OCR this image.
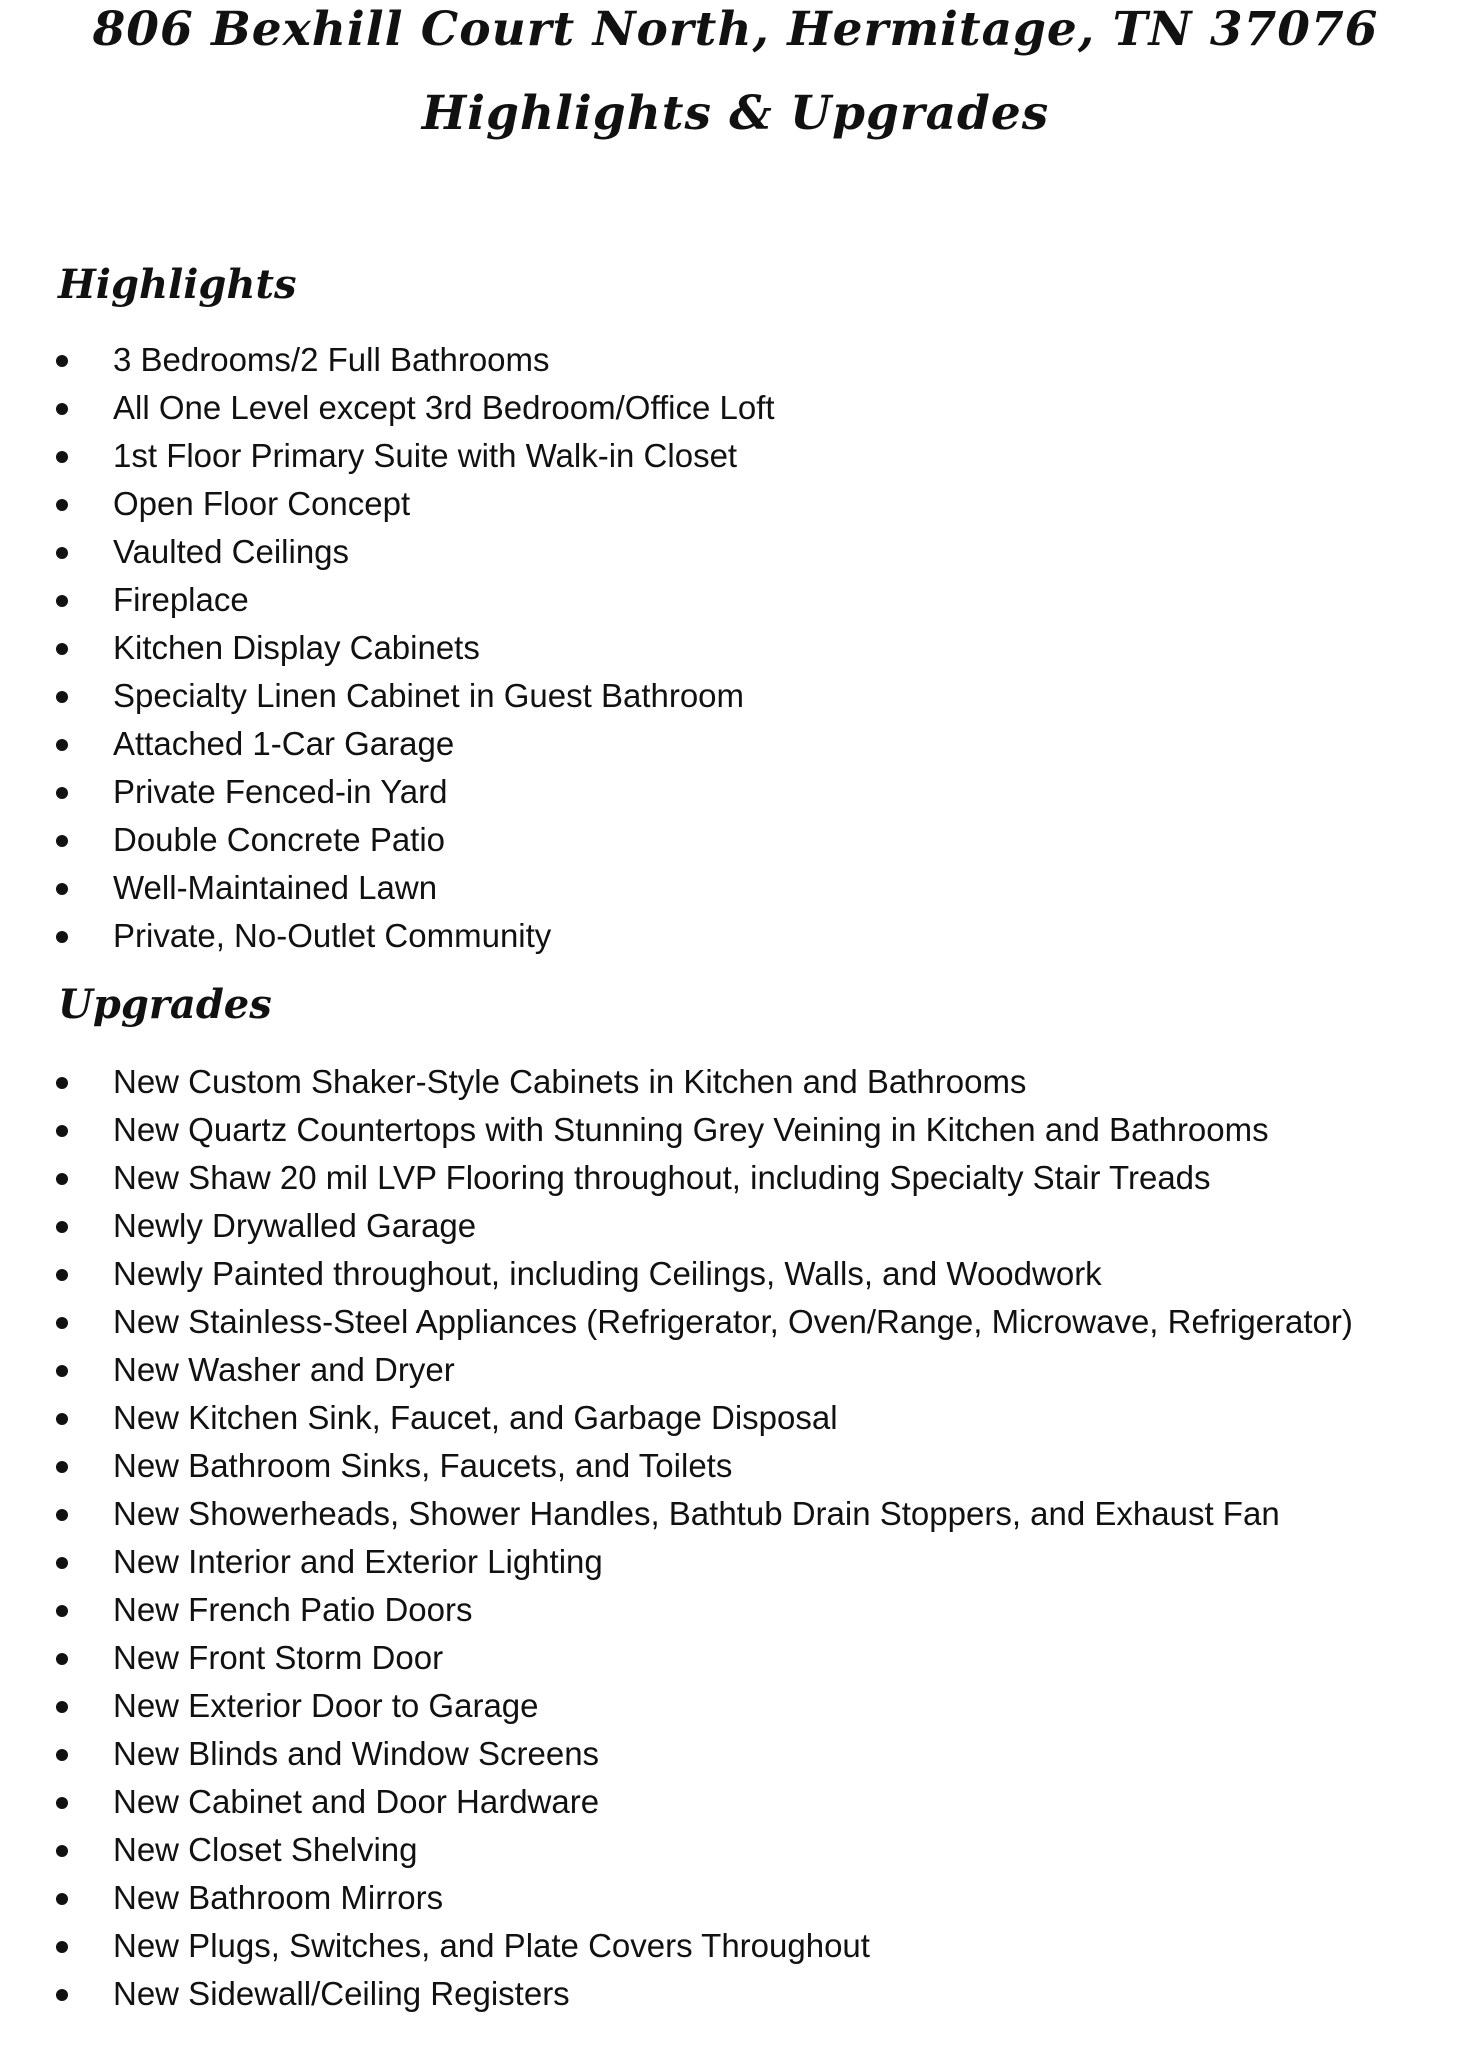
806 Bexhill Court North, Hermitage, TN 37076
Highlights & Upgrades
Highlights
3 Bedrooms/2 Full Bathrooms
All One Level except 3rd Bedroom/Office Loft
1st Floor Primary Suite with Walk-in Closet
Open Floor Concept
Vaulted Ceilings
Fireplace
Kitchen Display Cabinets
Specialty Linen Cabinet in Guest Bathroom
Attached 1-Car Garage
Private Fenced-in Yard
Double Concrete Patio
Well-Maintained Lawn
Private, No-Outlet Community
Upgrades
New Custom Shaker-Style Cabinets in Kitchen and Bathrooms
New Quartz Countertops with Stunning Grey Veining in Kitchen and Bathrooms
New Shaw 20 mil LVP Flooring throughout, including Specialty Stair Treads
Newly Drywalled Garage
Newly Painted throughout, including Ceilings, Walls, and Woodwork
New Stainless-Steel Appliances (Refrigerator, Oven/Range, Microwave, Refrigerator)
New Washer and Dryer
New Kitchen Sink, Faucet, and Garbage Disposal
New Bathroom Sinks, Faucets, and Toilets
New Showerheads, Shower Handles, Bathtub Drain Stoppers, and Exhaust Fan
New Interior and Exterior Lighting
New French Patio Doors
New Front Storm Door
New Exterior Door to Garage
New Blinds and Window Screens
New Cabinet and Door Hardware
New Closet Shelving
New Bathroom Mirrors
New Plugs, Switches, and Plate Covers Throughout
New Sidewall/Ceiling Registers
